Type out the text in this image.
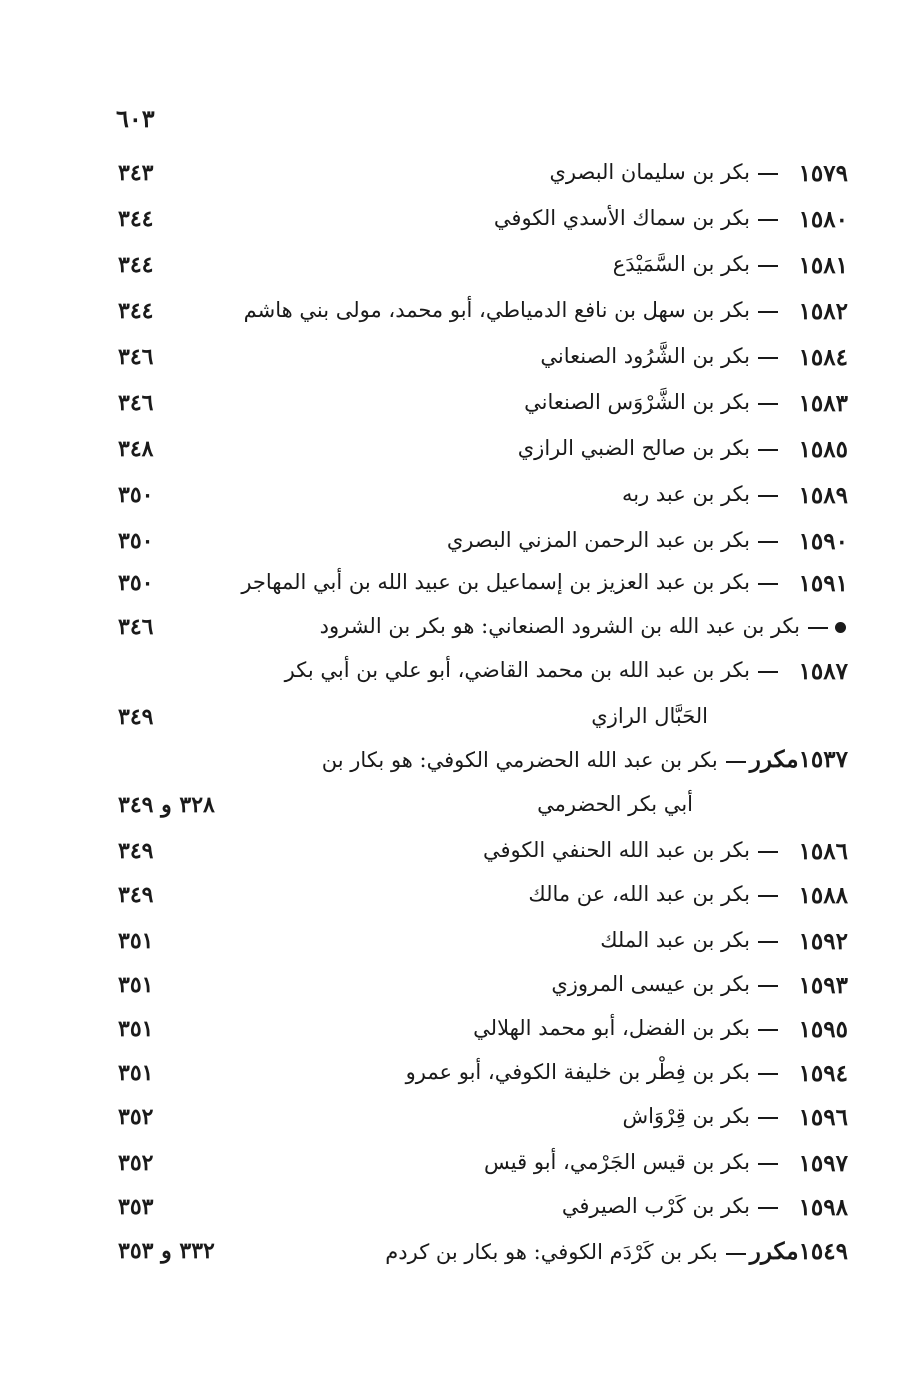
٦٠٣
١٥٧٩
بكر بن سليمان البصري
٣٤٣
١٥٨٠
بكر بن سماك الأسدي الكوفي
٣٤٤
١٥٨١
بكر بن السَّمَيْدَع
٣٤٤
١٥٨٢
بكر بن سهل بن نافع الدمياطي، أبو محمد، مولى بني هاشم
٣٤٤
١٥٨٤
بكر بن الشَّرُود الصنعاني
٣٤٦
١٥٨٣
بكر بن الشَّرْوَس الصنعاني
٣٤٦
١٥٨٥
بكر بن صالح الضبي الرازي
٣٤٨
١٥٨٩
بكر بن عبد ربه
٣٥٠
١٥٩٠
بكر بن عبد الرحمن المزني البصري
٣٥٠
١٥٩١
بكر بن عبد العزيز بن إسماعيل بن عبيد الله بن أبي المهاجر
٣٥٠
بكر بن عبد الله بن الشرود الصنعاني: هو بكر بن الشرود
٣٤٦
١٥٨٧
بكر بن عبد الله بن محمد القاضي، أبو علي بن أبي بكر
الحَبَّال الرازي
٣٤٩
١٥٣٧مكرربكر بن عبد الله الحضرمي الكوفي: هو بكار بن
أبي بكر الحضرمي
٣٢٨ و ٣٤٩
١٥٨٦
بكر بن عبد الله الحنفي الكوفي
٣٤٩
١٥٨٨
بكر بن عبد الله، عن مالك
٣٤٩
١٥٩٢
بكر بن عبد الملك
٣٥١
١٥٩٣
بكر بن عيسى المروزي
٣٥١
١٥٩٥
بكر بن الفضل، أبو محمد الهلالي
٣٥١
١٥٩٤
بكر بن فِطْر بن خليفة الكوفي، أبو عمرو
٣٥١
١٥٩٦
بكر بن قِرْوَاش
٣٥٢
١٥٩٧
بكر بن قيس الجَرْمي، أبو قيس
٣٥٢
١٥٩٨
بكر بن كَرْب الصيرفي
٣٥٣
١٥٤٩مكرربكر بن كَرْدَم الكوفي: هو بكار بن كردم
٣٣٢ و ٣٥٣
